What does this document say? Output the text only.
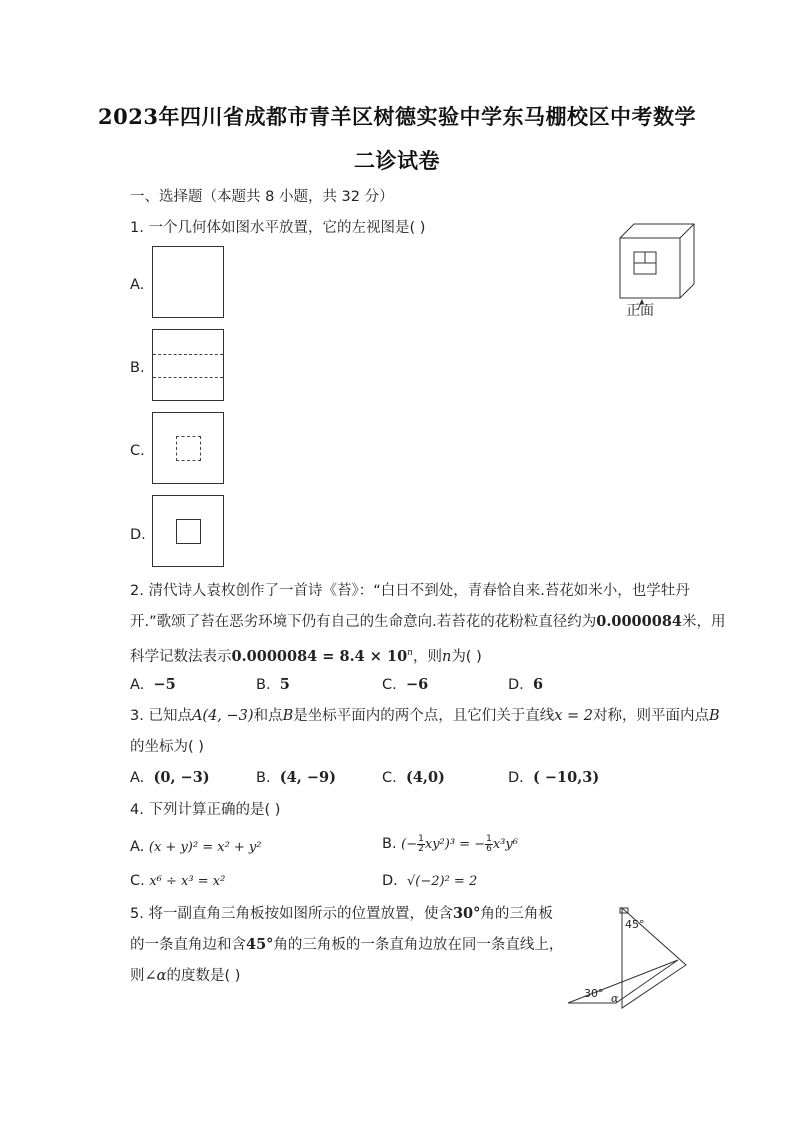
2023年四川省成都市青羊区树德实验中学东马棚校区中考数学
二诊试卷
一、选择题（本题共 8 小题，共 32 分）
1. 一个几何体如图水平放置，它的左视图是( )
正面
A.
B.
C.
D.
2. 清代诗人袁枚创作了一首诗《苔》：“白日不到处，青春恰自来.苔花如米小，也学牡丹
开.”歌颂了苔在恶劣环境下仍有自己的生命意向.若苔花的花粉粒直径约为0.0000084米，用
科学记数法表示$0.0000084 = 8.4 \times 10^n$，则n为( )
A. −5	B. 5	C. −6	D. 6
3. 已知点A(4, −3)和点B是坐标平面内的两个点，且它们关于直线x = 2对称，则平面内点B
的坐标为( )
A. (0, −3)	B. (4, −9)	C. (4,0)	D. ( −10,3)
4. 下列计算正确的是( )
A. (x + y)² = x² + y²	B. (− $\frac{1}{2} xy^2)^3$ = − $\frac{1}{6} x^3y^6$
C. x⁶ ÷ x³ = x²	D. √(−2)² = 2
5. 将一副直角三角板按如图所示的位置放置，使含30°角的三角板
的一条直角边和含45°角的三角板的一条直角边放在同一条直线上，
则∠α的度数是( )
45°
30° α
